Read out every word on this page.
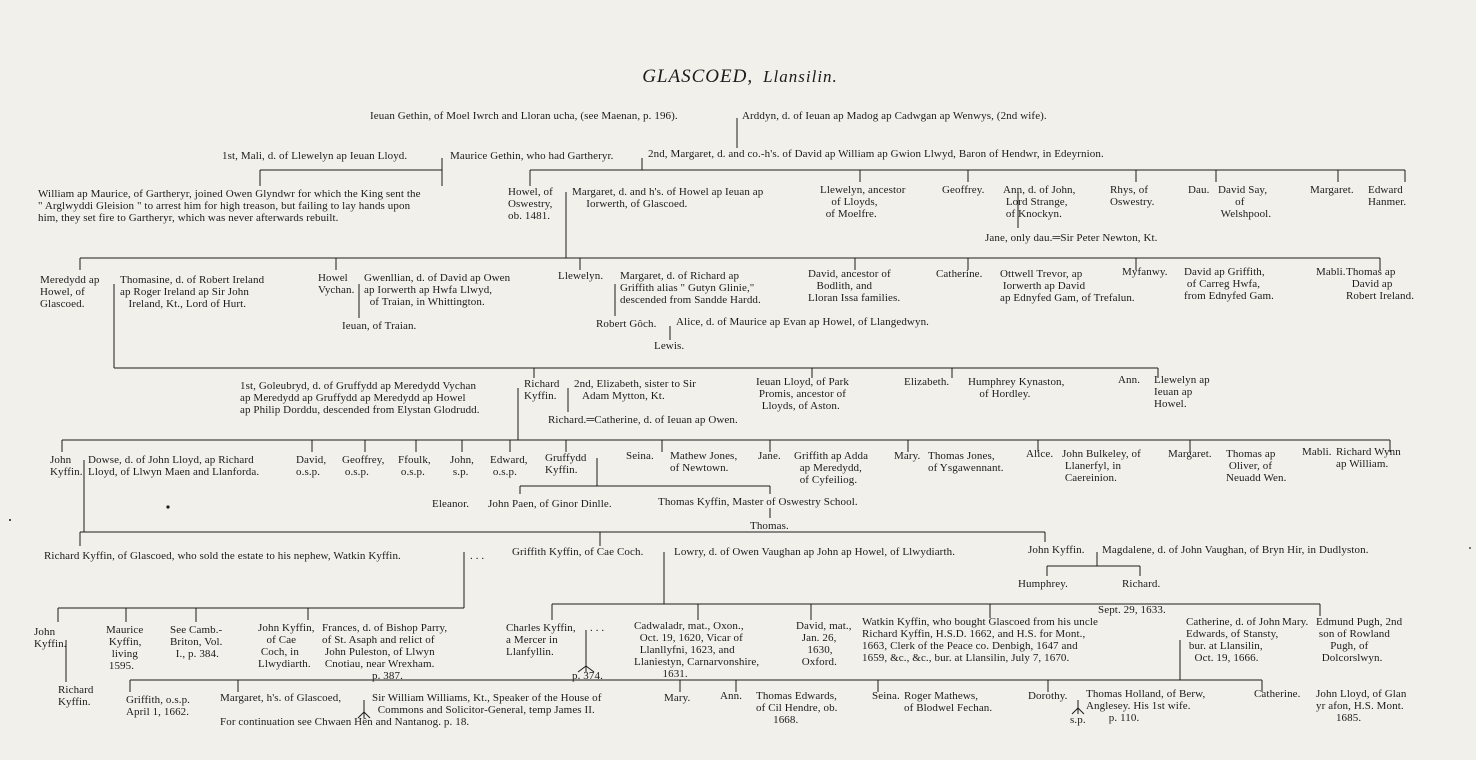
GLASCOED, Llansilin.
Ieuan Gethin, of Moel Iwrch and Lloran ucha, (see Maenan, p. 196).	Arddyn, d. of Ieuan ap Madog ap Cadwgan ap Wenwys, (2nd wife).
1st, Mali, d. of Llewelyn ap Ieuan Lloyd.	Maurice Gethin, who had Gartheryr.	2nd, Margaret, d. and co.-h's. of David ap William ap Gwion Llwyd, Baron of Hendwr, in Edeyrnion.
William ap Maurice, of Gartheryr, joined Owen Glyndwr for which the King sent the
" Arglwyddi Gleision " to arrest him for high treason, but failing to lay hands upon
him, they set fire to Gartheryr, which was never afterwards rebuilt.
Howel, of
Oswestry,
ob. 1481.
Margaret, d. and h's. of Howel ap Ieuan ap
Iorwerth, of Glascoed.
Llewelyn, ancestor
of Lloyds,
of Moelfre.
Geoffrey. Ann, d. of John,
Lord Strange,
of Knockyn.
Rhys, of
Oswestry.
Dau. David Say,
of
Welshpool.
Margaret. Edward
Hanmer.
Jane, only dau.═Sir Peter Newton, Kt.
Meredydd ap
Howel, of
Glascoed.
Thomasine, d. of Robert Ireland
ap Roger Ireland ap Sir John
Ireland, Kt., Lord of Hurt.
Howel
Vychan.
Gwenllian, d. of David ap Owen
ap Iorwerth ap Hwfa Llwyd,
of Traian, in Whittington.
Ieuan, of Traian.
Llewelyn. Margaret, d. of Richard ap
Griffith alias " Gutyn Glinie,"
descended from Sandde Hardd.
Robert Gôch. Alice, d. of Maurice ap Evan ap Howel, of Llangedwyn.
Lewis.
David, ancestor of
Bodlith, and
Lloran Issa families.
Catherine. Ottwell Trevor, ap
Iorwerth ap David
ap Ednyfed Gam, of Trefalun.
Myfanwy. David ap Griffith,
of Carreg Hwfa,
from Ednyfed Gam.
Mabli. Thomas ap
David ap
Robert Ireland.
1st, Goleubryd, d. of Gruffydd ap Meredydd Vychan
ap Meredydd ap Gruffydd ap Meredydd ap Howel
ap Philip Dorddu, descended from Elystan Glodrudd.
Richard
Kyffin.
2nd, Elizabeth, sister to Sir
Adam Mytton, Kt.
Richard.═Catherine, d. of Ieuan ap Owen.
Ieuan Lloyd, of Park
Promis, ancestor of
Lloyds, of Aston.
Elizabeth. Humphrey Kynaston,
of Hordley.
Ann. Llewelyn ap
Ieuan ap
Howel.
John
Kyffin.
Dowse, d. of John Lloyd, ap Richard
Lloyd, of Llwyn Maen and Llanforda.
David,
o.s.p.
Geoffrey,
o.s.p.
Ffoulk,
o.s.p.
John,
s.p.
Edward,
o.s.p.
Gruffydd
Kyffin.
Seina. Mathew Jones,
of Newtown.
Jane. Griffith ap Adda
ap Meredydd,
of Cyfeiliog.
Mary. Thomas Jones,
of Ysgawennant.
Alice. John Bulkeley, of
Llanerfyl, in
Caereinion.
Margaret. Thomas ap
Oliver, of
Neuadd Wen.
Mabli. Richard Wynn
ap William.
Eleanor. John Paen, of Ginor Dinlle.	Thomas Kyffin, Master of Oswestry School.
Thomas.
Richard Kyffin, of Glascoed, who sold the estate to his nephew, Watkin Kyffin.	. . .	Griffith Kyffin, of Cae Coch.	Lowry, d. of Owen Vaughan ap John ap Howel, of Llwydiarth.	John Kyffin. Magdalene, d. of John Vaughan, of Bryn Hir, in Dudlyston.
Humphrey.	Richard.
John
Kyffin.
Maurice
Kyffin,
living
1595.
See Camb.-
Briton, Vol.
I., p. 384.
John Kyffin,
of Cae
Coch, in
Llwydiarth.
Frances, d. of Bishop Parry,
of St. Asaph and relict of
John Puleston, of Llwyn
Cnotiau, near Wrexham.
p. 387.
Charles Kyffin,
a Mercer in
Llanfyllin.
. . .
p. 374.
Cadwaladr, mat., Oxon.,
Oct. 19, 1620, Vicar of
Llanllyfni, 1623, and
Llaniestyn, Carnarvonshire,
1631.
David, mat.,
Jan. 26,
1630,
Oxford.
Watkin Kyffin, who bought Glascoed from his uncle
Richard Kyffin, H.S.D. 1662, and H.S. for Mont.,
1663, Clerk of the Peace co. Denbigh, 1647 and
1659, &c., &c., bur. at Llansilin, July 7, 1670.
Sept. 29, 1633.
Catherine, d. of John
Edwards, of Stansty,
bur. at Llansilin,
Oct. 19, 1666.
Mary. Edmund Pugh, 2nd
son of Rowland
Pugh, of
Dolcorslwyn.
Richard
Kyffin.	Griffith, o.s.p.
April 1, 1662.
Margaret, h's. of Glascoed,	Sir William Williams, Kt., Speaker of the House of
Commons and Solicitor-General, temp James II.
For continuation see Chwaen Hên and Nantanog. p. 18.
Mary.	Ann. Thomas Edwards,
of Cil Hendre, ob.
1668.
Seina. Roger Mathews,
of Blodwel Fechan.
Dorothy. Thomas Holland, of Berw,
Anglesey. His 1st wife.
p. 110.
s.p.
Catherine. John Lloyd, of Glan
yr afon, H.S. Mont.
1685.
